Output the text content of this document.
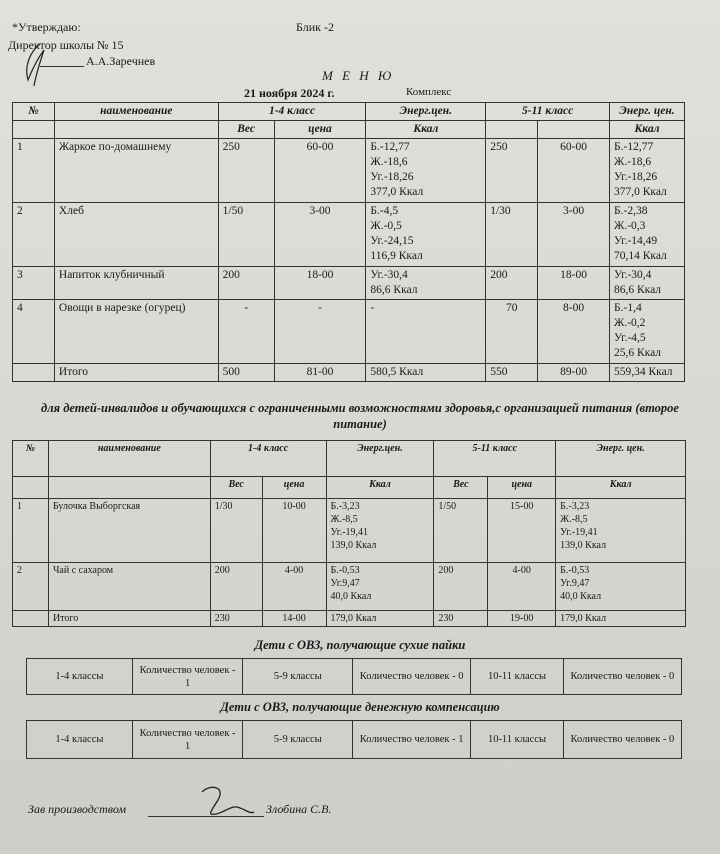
*Утверждаю:	Блик -2
Директор школы № 15
А.А.Заречнев
М Е Н Ю
21 ноября 2024 г.	Комплекс
№	наименование	1-4 класс		Энерг.цен.	5-11 класс		Энерг. цен.
		Вес	цена	Ккал			Ккал
1	Жаркое по-домашнему	250	60-00	Б.-12,77
Ж.-18,6
Уг.-18,26
377,0 Ккал	250	60-00	Б.-12,77
Ж.-18,6
Уг.-18,26
377,0 Ккал
2	Хлеб	1/50	3-00	Б.-4,5
Ж.-0,5
Уг.-24,15
116,9 Ккал	1/30	3-00	Б.-2,38
Ж.-0,3
Уг.-14,49
70,14 Ккал
3	Напиток клубничный	200	18-00	Уг.-30,4
86,6 Ккал	200	18-00	Уг.-30,4
86,6 Ккал
4	Овощи в нарезке (огурец)	-	-	-	70	8-00	Б.-1,4
Ж.-0,2
Уг.-4,5
25,6 Ккал
	Итого	500	81-00	580,5 Ккал	550	89-00	559,34 Ккал
для детей-инвалидов и обучающихся с ограниченными возможностями здоровья,с организацией питания (второе питание)
№	наименование	1-4 класс		Энерг.цен.	5-11 класс		Энерг. цен.
		Вес	цена	Ккал	Вес	цена	Ккал
1	Булочка Выборгская	1/30	10-00	Б.-3,23
Ж.-8,5
Уг.-19,41
139,0 Ккал	1/50	15-00	Б.-3,23
Ж.-8,5
Уг.-19,41
139,0 Ккал
2	Чай с сахаром	200	4-00	Б.-0,53
Уг.9,47
40,0 Ккал	200	4-00	Б.-0,53
Уг.9,47
40,0 Ккал
	Итого	230	14-00	179,0 Ккал	230	19-00	179,0 Ккал
Дети с ОВЗ, получающие сухие пайки
1-4 классы	Количество человек - 1	5-9 классы	Количество человек - 0	10-11 классы	Количество человек - 0
Дети с ОВЗ, получающие денежную компенсацию
1-4 классы	Количество человек - 1	5-9 классы	Количество человек - 1	10-11 классы	Количество человек - 0
Зав производством	Злобина С.В.
